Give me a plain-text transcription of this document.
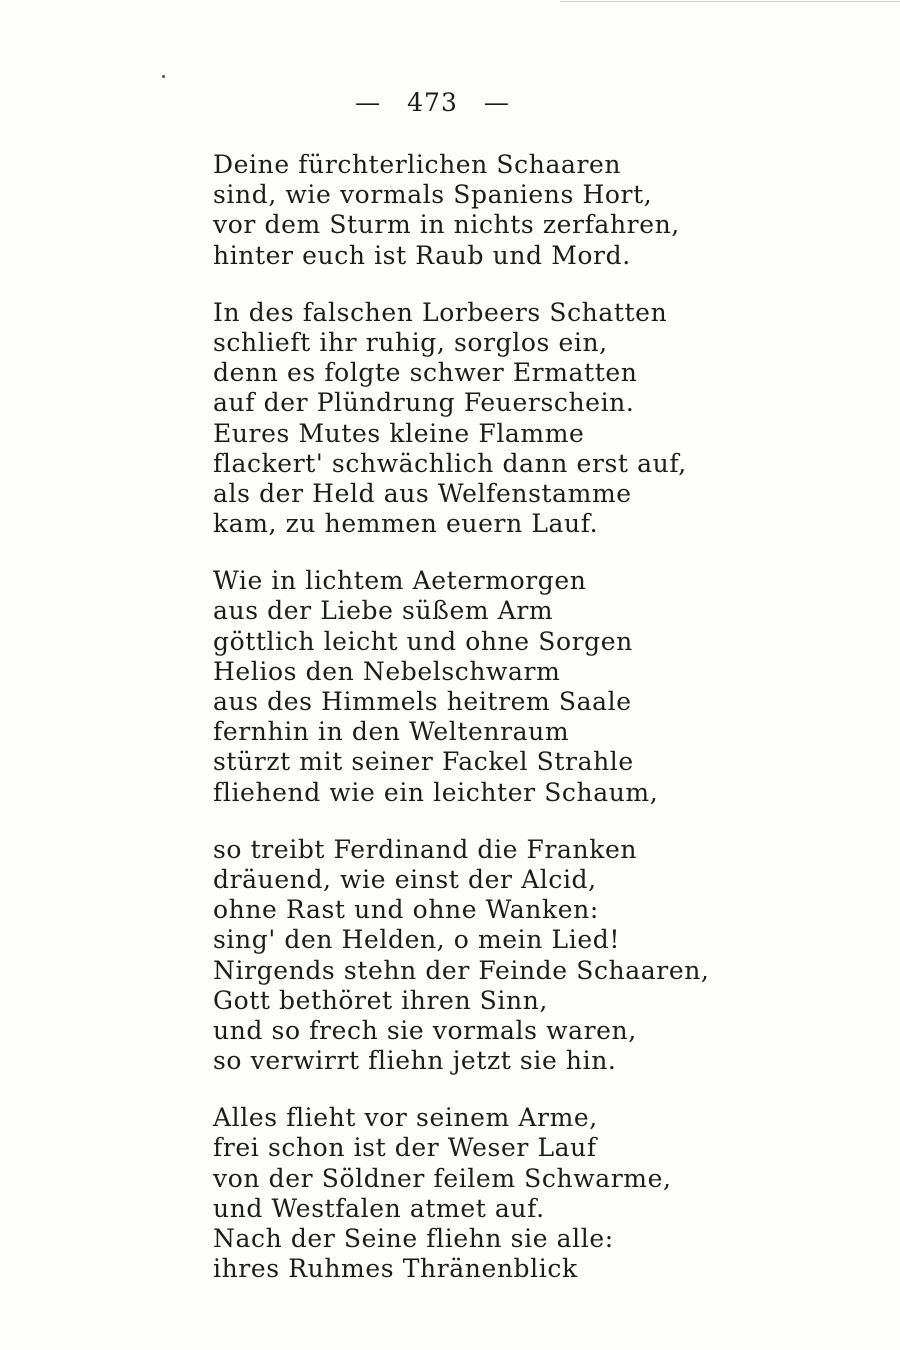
— 473 —
Deine fürchterlichen Schaaren
sind, wie vormals Spaniens Hort,
vor dem Sturm in nichts zerfahren,
hinter euch ist Raub und Mord.
In des falschen Lorbeers Schatten
schlieft ihr ruhig, sorglos ein,
denn es folgte schwer Ermatten
auf der Plündrung Feuerschein.
Eures Mutes kleine Flamme
flackert' schwächlich dann erst auf,
als der Held aus Welfenstamme
kam, zu hemmen euern Lauf.
Wie in lichtem Aetermorgen
aus der Liebe süßem Arm
göttlich leicht und ohne Sorgen
Helios den Nebelschwarm
aus des Himmels heitrem Saale
fernhin in den Weltenraum
stürzt mit seiner Fackel Strahle
fliehend wie ein leichter Schaum,
so treibt Ferdinand die Franken
dräuend, wie einst der Alcid,
ohne Rast und ohne Wanken:
sing' den Helden, o mein Lied!
Nirgends stehn der Feinde Schaaren,
Gott bethöret ihren Sinn,
und so frech sie vormals waren,
so verwirrt fliehn jetzt sie hin.
Alles flieht vor seinem Arme,
frei schon ist der Weser Lauf
von der Söldner feilem Schwarme,
und Westfalen atmet auf.
Nach der Seine fliehn sie alle:
ihres Ruhmes Thränenblick
